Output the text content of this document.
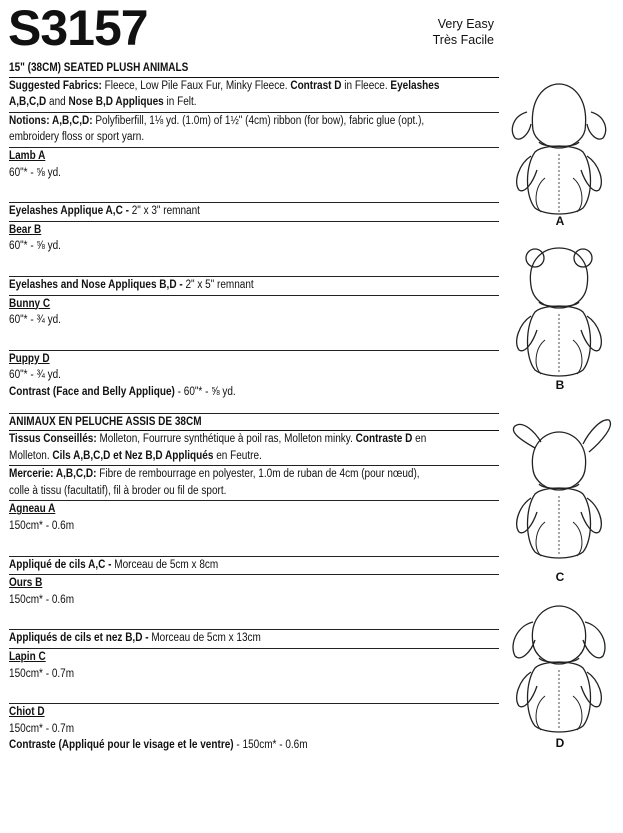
S3157	Very Easy
Très Facile
15" (38CM) SEATED PLUSH ANIMALS
Suggested Fabrics: Fleece, Low Pile Faux Fur, Minky Fleece. Contrast D in Fleece. Eyelashes
A,B,C,D and Nose B,D Appliques in Felt.
Notions: A,B,C,D: Polyfiberfill, 1⅛ yd. (1.0m) of 1½" (4cm) ribbon (for bow), fabric glue (opt.),
embroidery floss or sport yarn.
Lamb A
60"* - ⅝ yd.
Eyelashes Applique A,C - 2" x 3" remnant
Bear B
60"* - ⅝ yd.
Eyelashes and Nose Appliques B,D - 2" x 5" remnant
Bunny C
60"* - ¾ yd.
Puppy D
60"* - ¾ yd.
Contrast (Face and Belly Applique) - 60"* - ⅝ yd.
ANIMAUX EN PELUCHE ASSIS DE 38CM
Tissus Conseillés: Molleton, Fourrure synthétique à poil ras, Molleton minky. Contraste D en
Molleton. Cils A,B,C,D et Nez B,D Appliqués en Feutre.
Mercerie: A,B,C,D: Fibre de rembourrage en polyester, 1.0m de ruban de 4cm (pour nœud),
colle à tissu (facultatif), fil à broder ou fil de sport.
Agneau A
150cm* - 0.6m
Appliqué de cils A,C - Morceau de 5cm x 8cm
Ours B
150cm* - 0.6m
Appliqués de cils et nez B,D - Morceau de 5cm x 13cm
Lapin C
150cm* - 0.7m
Chiot D
150cm* - 0.7m
Contraste (Appliqué pour le visage et le ventre) - 150cm* - 0.6m
A
B
C
D
